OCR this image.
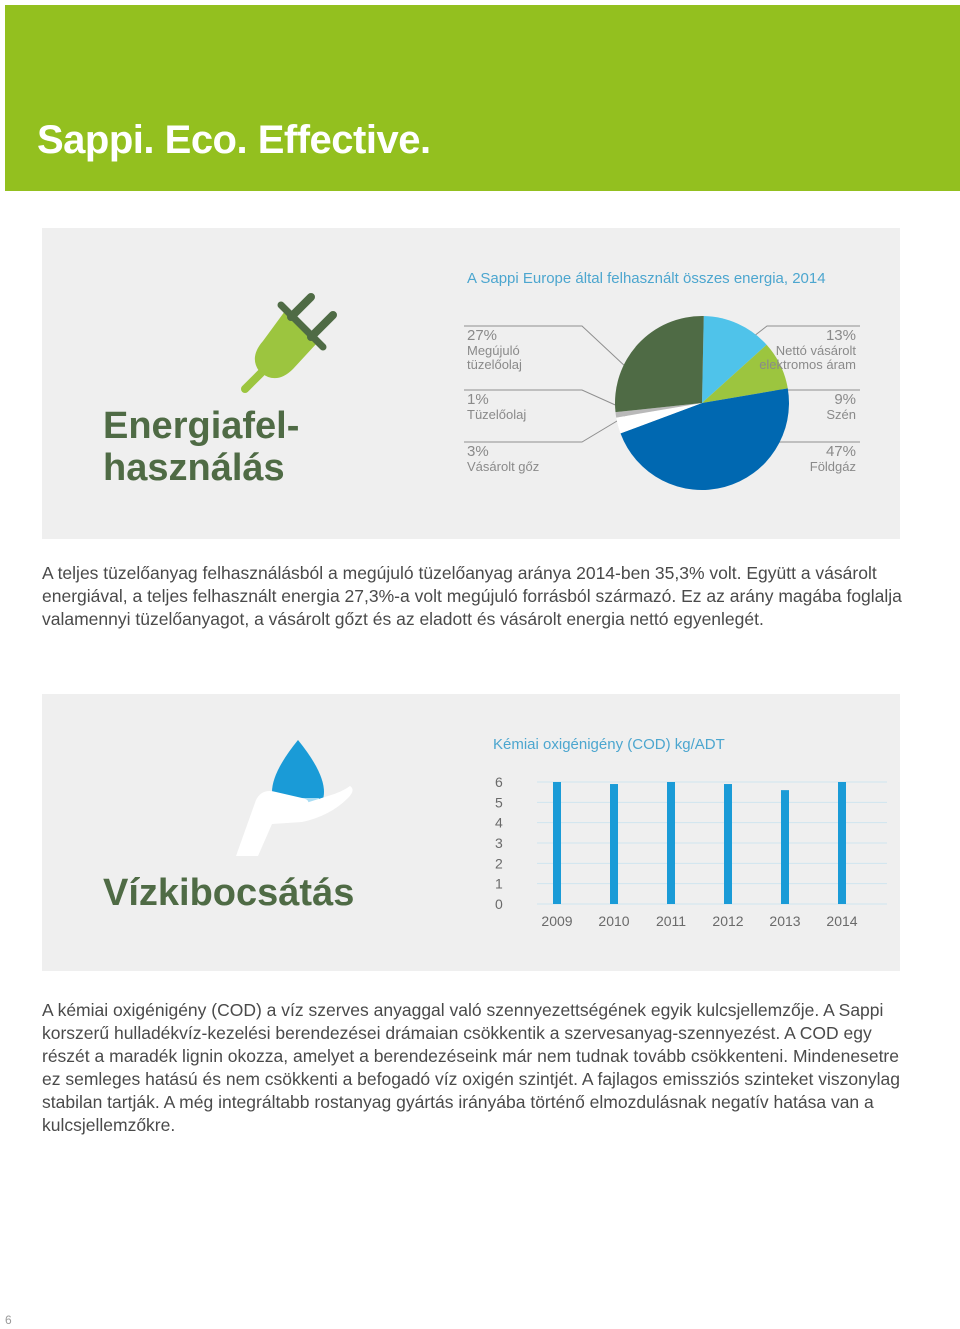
Sappi. Eco. Effective.
Energiafel-
használás
A Sappi Europe által felhasznált összes energia, 2014
27%
Megújuló
tüzelőolaj
1%
Tüzelőolaj
3%
Vásárolt gőz
13%
Nettó vásárolt
elektromos áram
9%
Szén
47%
Földgáz

A teljes tüzelőanyag felhasználásból a megújuló tüzelőanyag aránya 2014-ben 35,3% volt. Együtt a vásárolt energiával, a teljes felhasznált energia 27,3%-a volt megújuló forrásból származó. Ez az arány magába foglalja valamennyi tüzelőanyagot, a vásárolt gőzt és az eladott és vásárolt energia nettó egyenlegét.

Vízkibocsátás
Kémiai oxigénigény (COD) kg/ADT
0
1
2
3
4
5
6
2009 2010 2011 2012 2013 2014

A kémiai oxigénigény (COD) a víz szerves anyaggal való szennyezettségének egyik kulcsjellemzője. A Sappi korszerű hulladékvíz-kezelési berendezései drámaian csökkentik a szervesanyag-szennyezést. A COD egy részét a maradék lignin okozza, amelyet a berendezéseink már nem tudnak tovább csökkenteni. Mindenesetre ez semleges hatású és nem csökkenti a befogadó víz oxigén szintjét. A fajlagos emissziós szinteket viszonylag stabilan tartják. A még integráltabb rostanyag gyártás irányába történő elmozdulásnak negatív hatása van a kulcsjellemzőkre.

6
